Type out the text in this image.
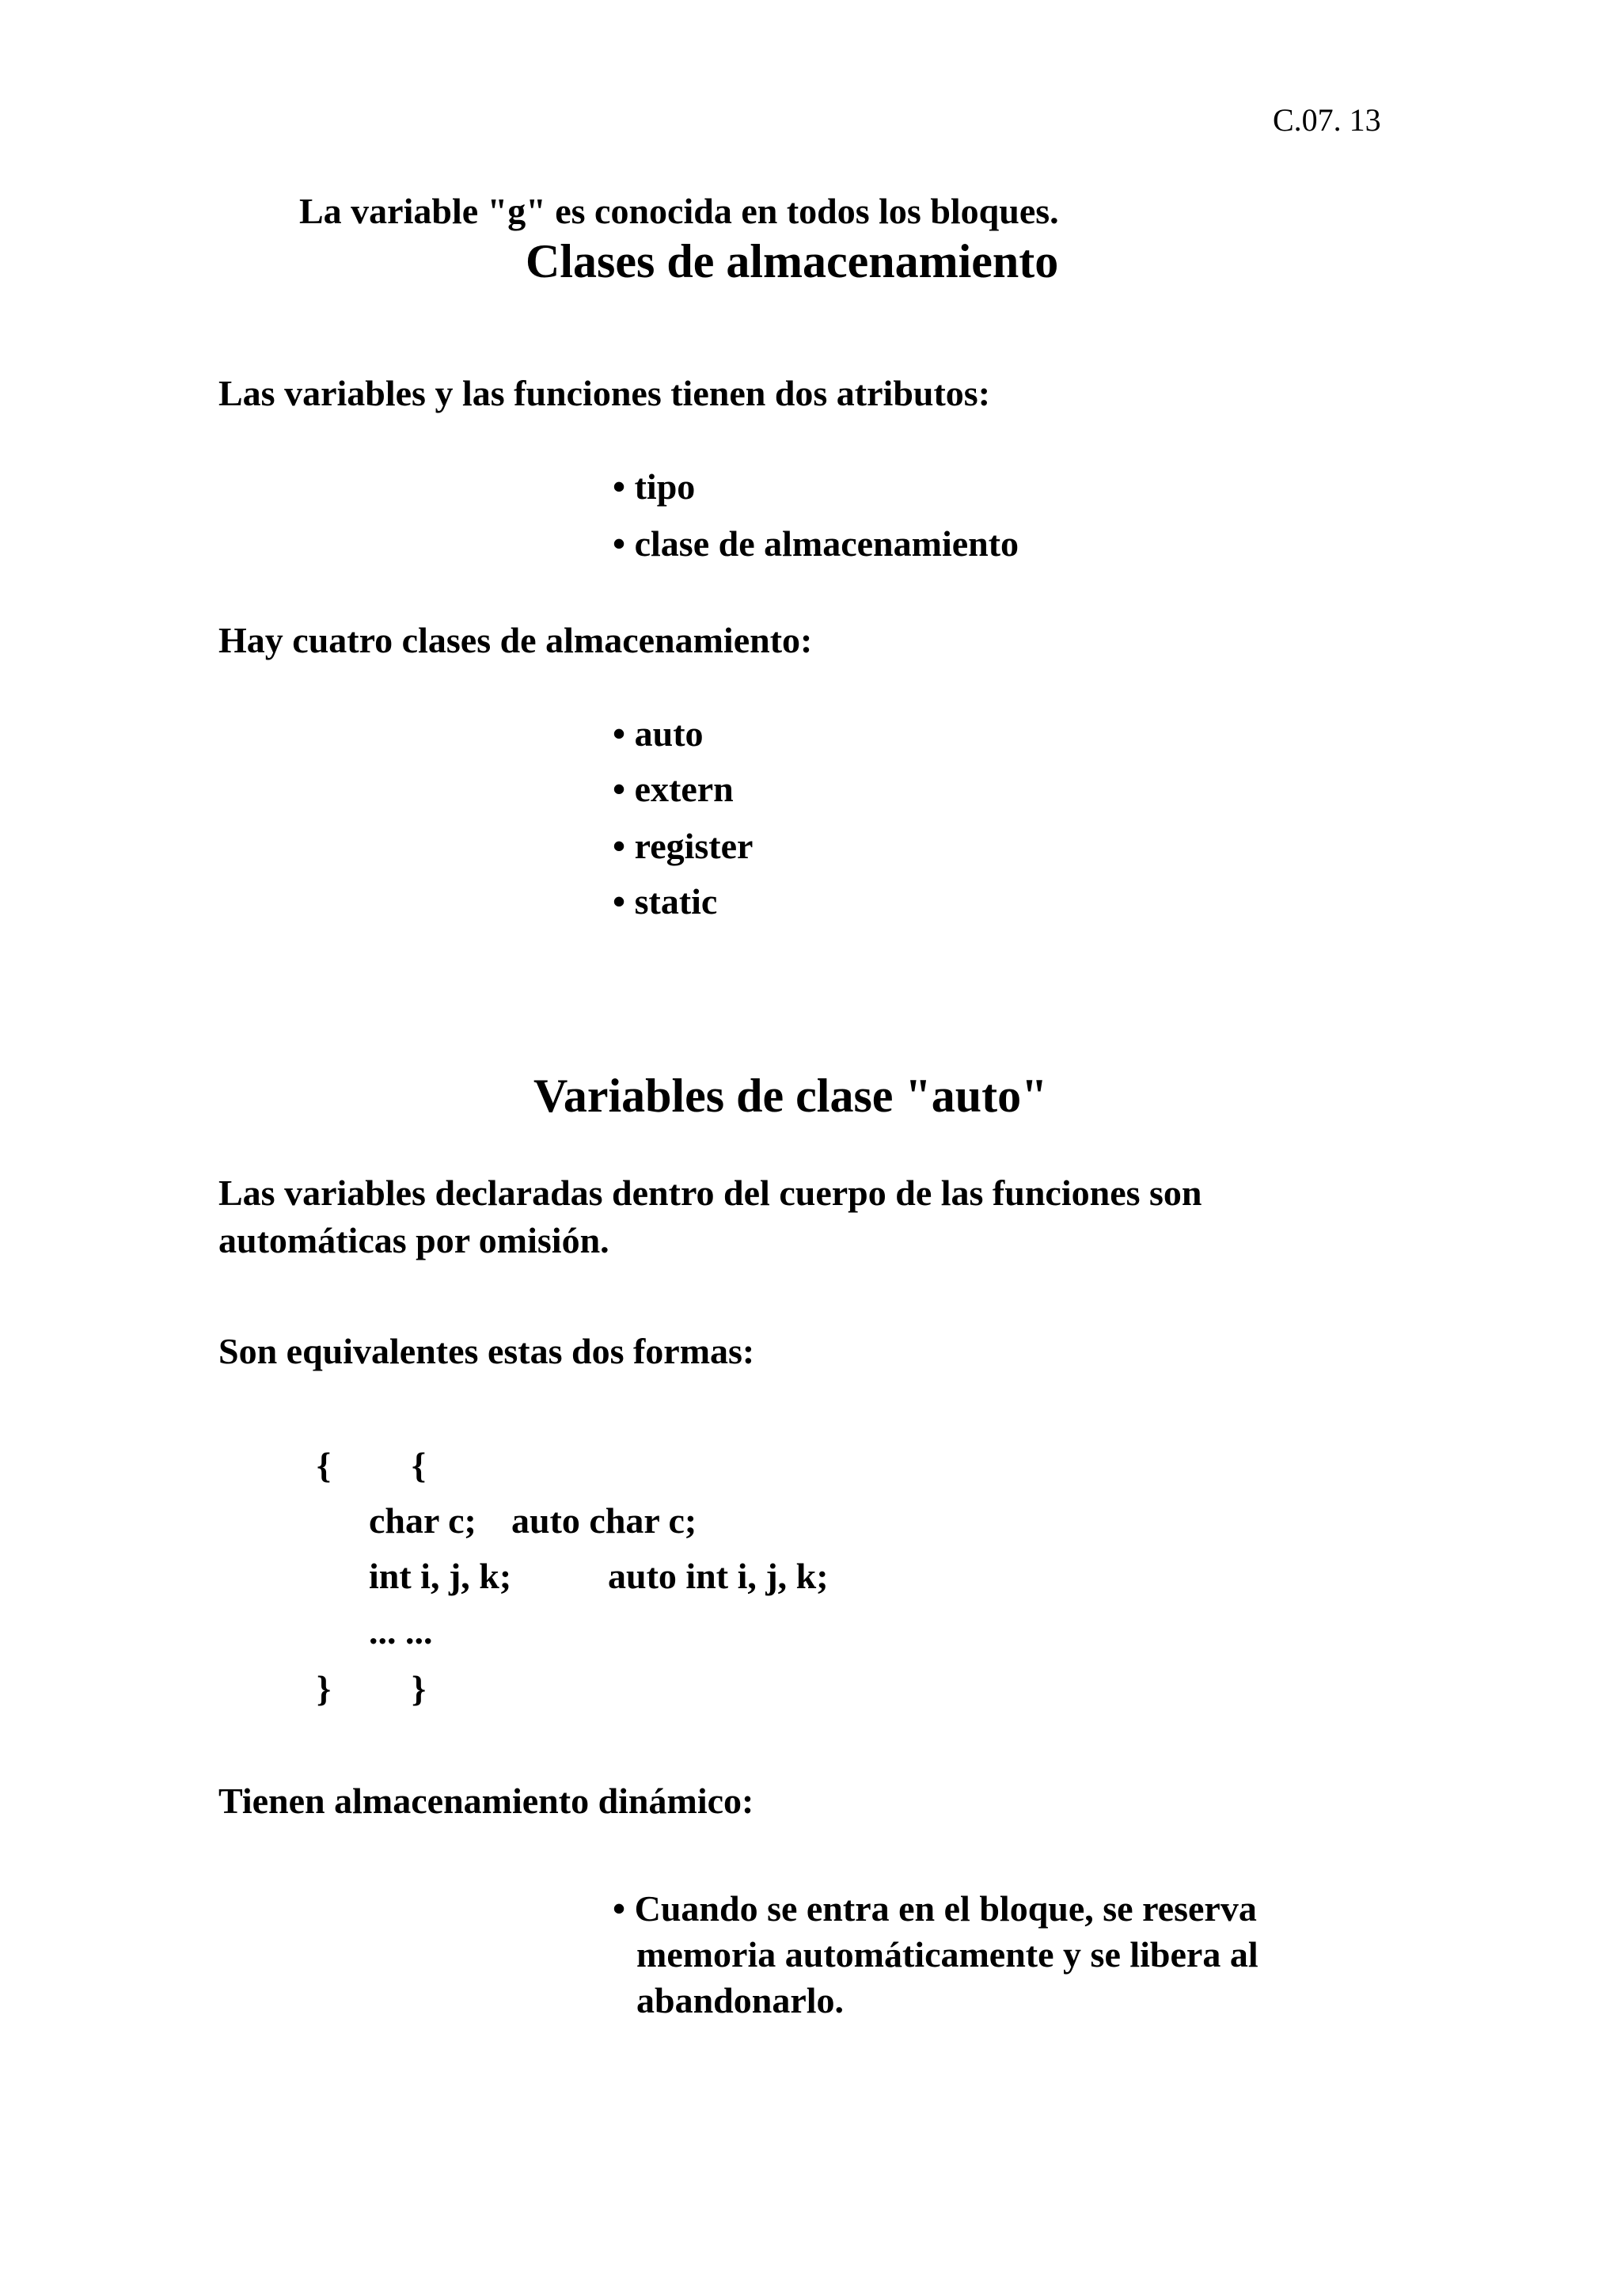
C.07. 13
La variable "g" es conocida en todos los bloques.
Clases de almacenamiento
Las variables y las funciones tienen dos atributos:
• tipo
• clase de almacenamiento
Hay cuatro clases de almacenamiento:
• auto
• extern
• register
• static
Variables de clase "auto"
Las variables declaradas dentro del cuerpo de las funciones son
automáticas por omisión.
Son equivalentes estas dos formas:
{ {
char c; auto char c;
int i, j, k;	auto int i, j, k;
... ...
} }
Tienen almacenamiento dinámico:
• Cuando se entra en el bloque, se reserva
memoria automáticamente y se libera al
abandonarlo.
